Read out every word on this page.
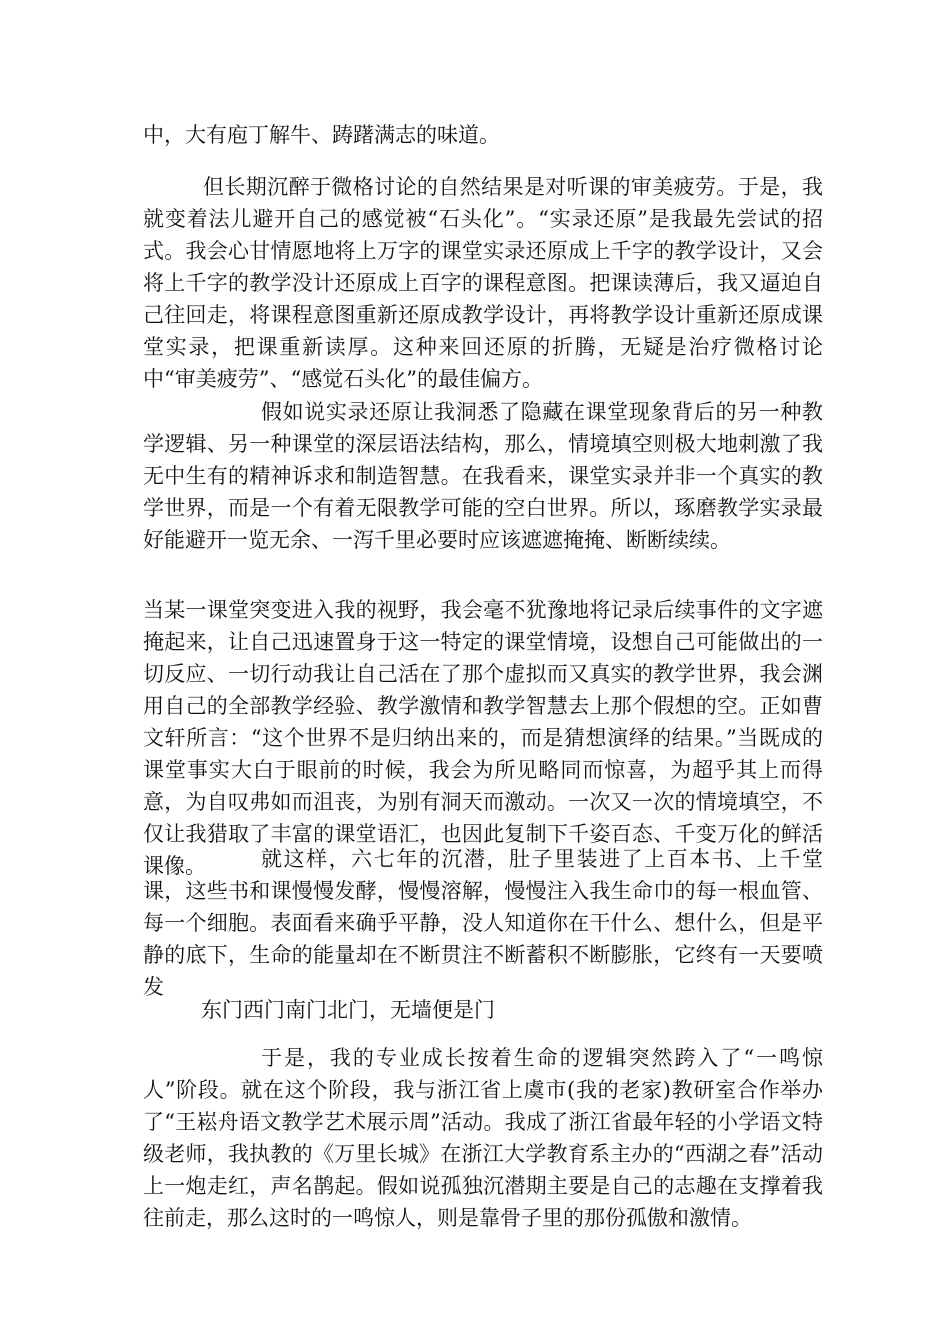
中，大有庖丁解牛、踌躇满志的味道。

但长期沉醉于微格讨论的自然结果是对听课的审美疲劳。于是，我就变着法儿避开自己的感觉被“石头化”。“实录还原”是我最先尝试的招式。我会心甘情愿地将上万字的课堂实录还原成上千字的教学设计，又会将上千字的教学没计还原成上百字的课程意图。把课读薄后，我又逼迫自己往回走，将课程意图重新还原成教学设计，再将教学设计重新还原成课堂实录，把课重新读厚。这种来回还原的折腾，无疑是治疗微格讨论中“审美疲劳”、“感觉石头化”的最佳偏方。

假如说实录还原让我洞悉了隐藏在课堂现象背后的另一种教学逻辑、另一种课堂的深层语法结构，那么，情境填空则极大地刺激了我无中生有的精神诉求和制造智慧。在我看来，课堂实录并非一个真实的教学世界，而是一个有着无限教学可能的空白世界。所以，琢磨教学实录最好能避开一览无余、一泻千里必要时应该遮遮掩掩、断断续续。

当某一课堂突变进入我的视野，我会毫不犹豫地将记录后续事件的文字遮掩起来，让自己迅速置身于这一特定的课堂情境，设想自己可能做出的一切反应、一切行动我让自己活在了那个虚拟而又真实的教学世界，我会渊用自己的全部教学经验、教学激情和教学智慧去上那个假想的空。正如曹文轩所言：“这个世界不是归纳出来的，而是猜想演绎的结果。”当既成的课堂事实大白于眼前的时候，我会为所见略同而惊喜，为超乎其上而得意，为自叹弗如而沮丧，为别有洞天而激动。一次又一次的情境填空，不仅让我猎取了丰富的课堂语汇，也因此复制下千姿百态、千变万化的鲜活课像。	就这样，六七年的沉潜，肚子里装进了上百本书、上千堂课，这些书和课慢慢发酵，慢慢溶解，慢慢注入我生命巾的每一根血管、每一个细胞。表面看来确乎平静，没人知道你在干什么、想什么，但是平静的底下，生命的能量却在不断贯注不断蓄积不断膨胀，它终有一天要喷发

东门西门南门北门，无墙便是门

于是，我的专业成长按着生命的逻辑突然跨入了“一鸣惊人”阶段。就在这个阶段，我与浙江省上虞市(我的老家)教研室合作举办了“王崧舟语文教学艺术展示周”活动。我成了浙江省最年轻的小学语文特级老师，我执教的《万里长城》在浙江大学教育系主办的“西湖之春”活动上一炮走红，声名鹊起。假如说孤独沉潜期主要是自己的志趣在支撑着我往前走，那么这时的一鸣惊人，则是靠骨子里的那份孤傲和激情。
